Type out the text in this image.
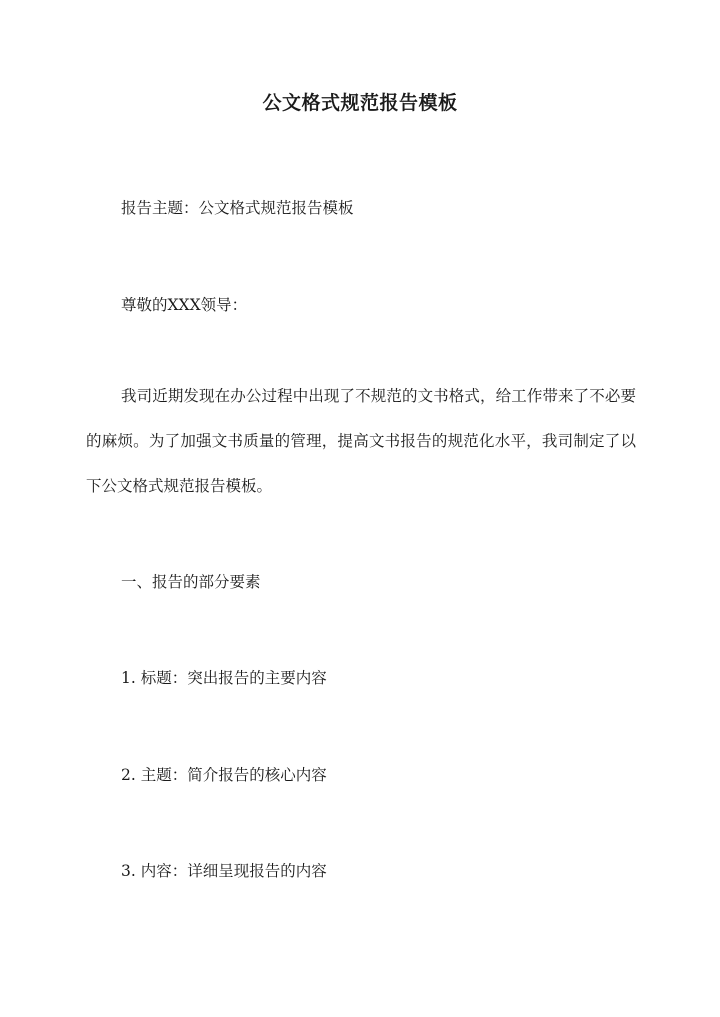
公文格式规范报告模板

报告主题：公文格式规范报告模板

尊敬的XXX领导：

我司近期发现在办公过程中出现了不规范的文书格式，给工作带来了不必要的麻烦。为了加强文书质量的管理，提高文书报告的规范化水平，我司制定了以下公文格式规范报告模板。

一、报告的部分要素

1. 标题：突出报告的主要内容

2. 主题：简介报告的核心内容

3. 内容：详细呈现报告的内容
